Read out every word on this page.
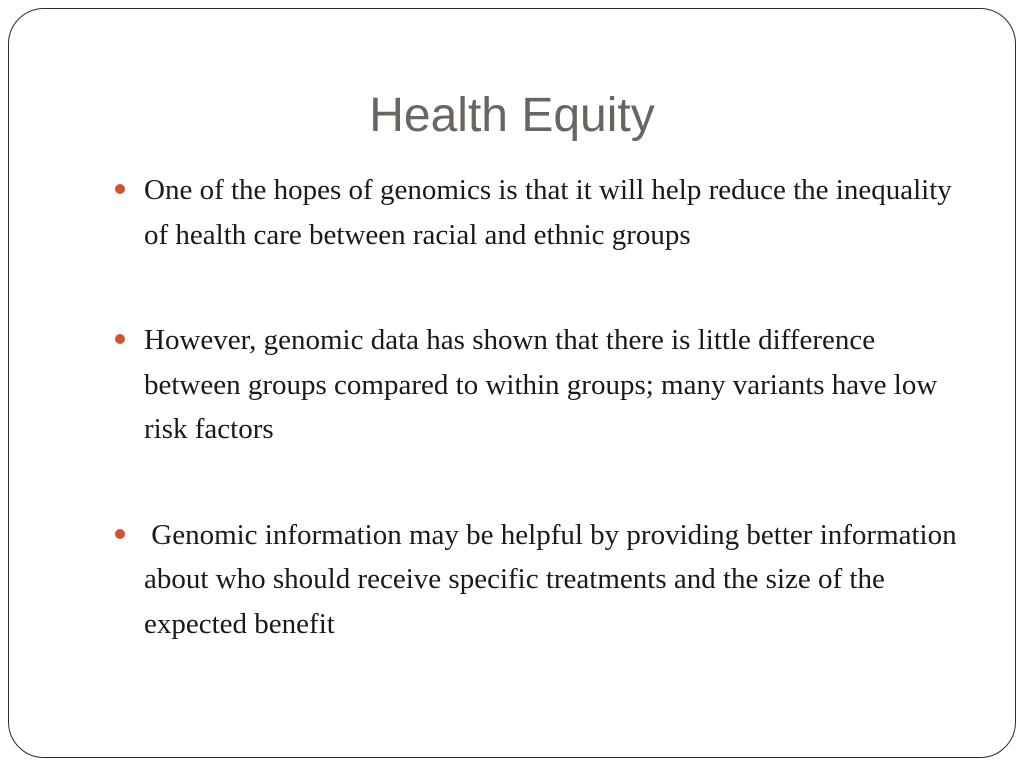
Health Equity
One of the hopes of genomics is that it will help reduce the inequality of health care between racial and ethnic groups
However, genomic data has shown that there is little difference between groups compared to within groups; many variants have low risk factors
Genomic information may be helpful by providing better information about who should receive specific treatments and the size of the expected benefit
